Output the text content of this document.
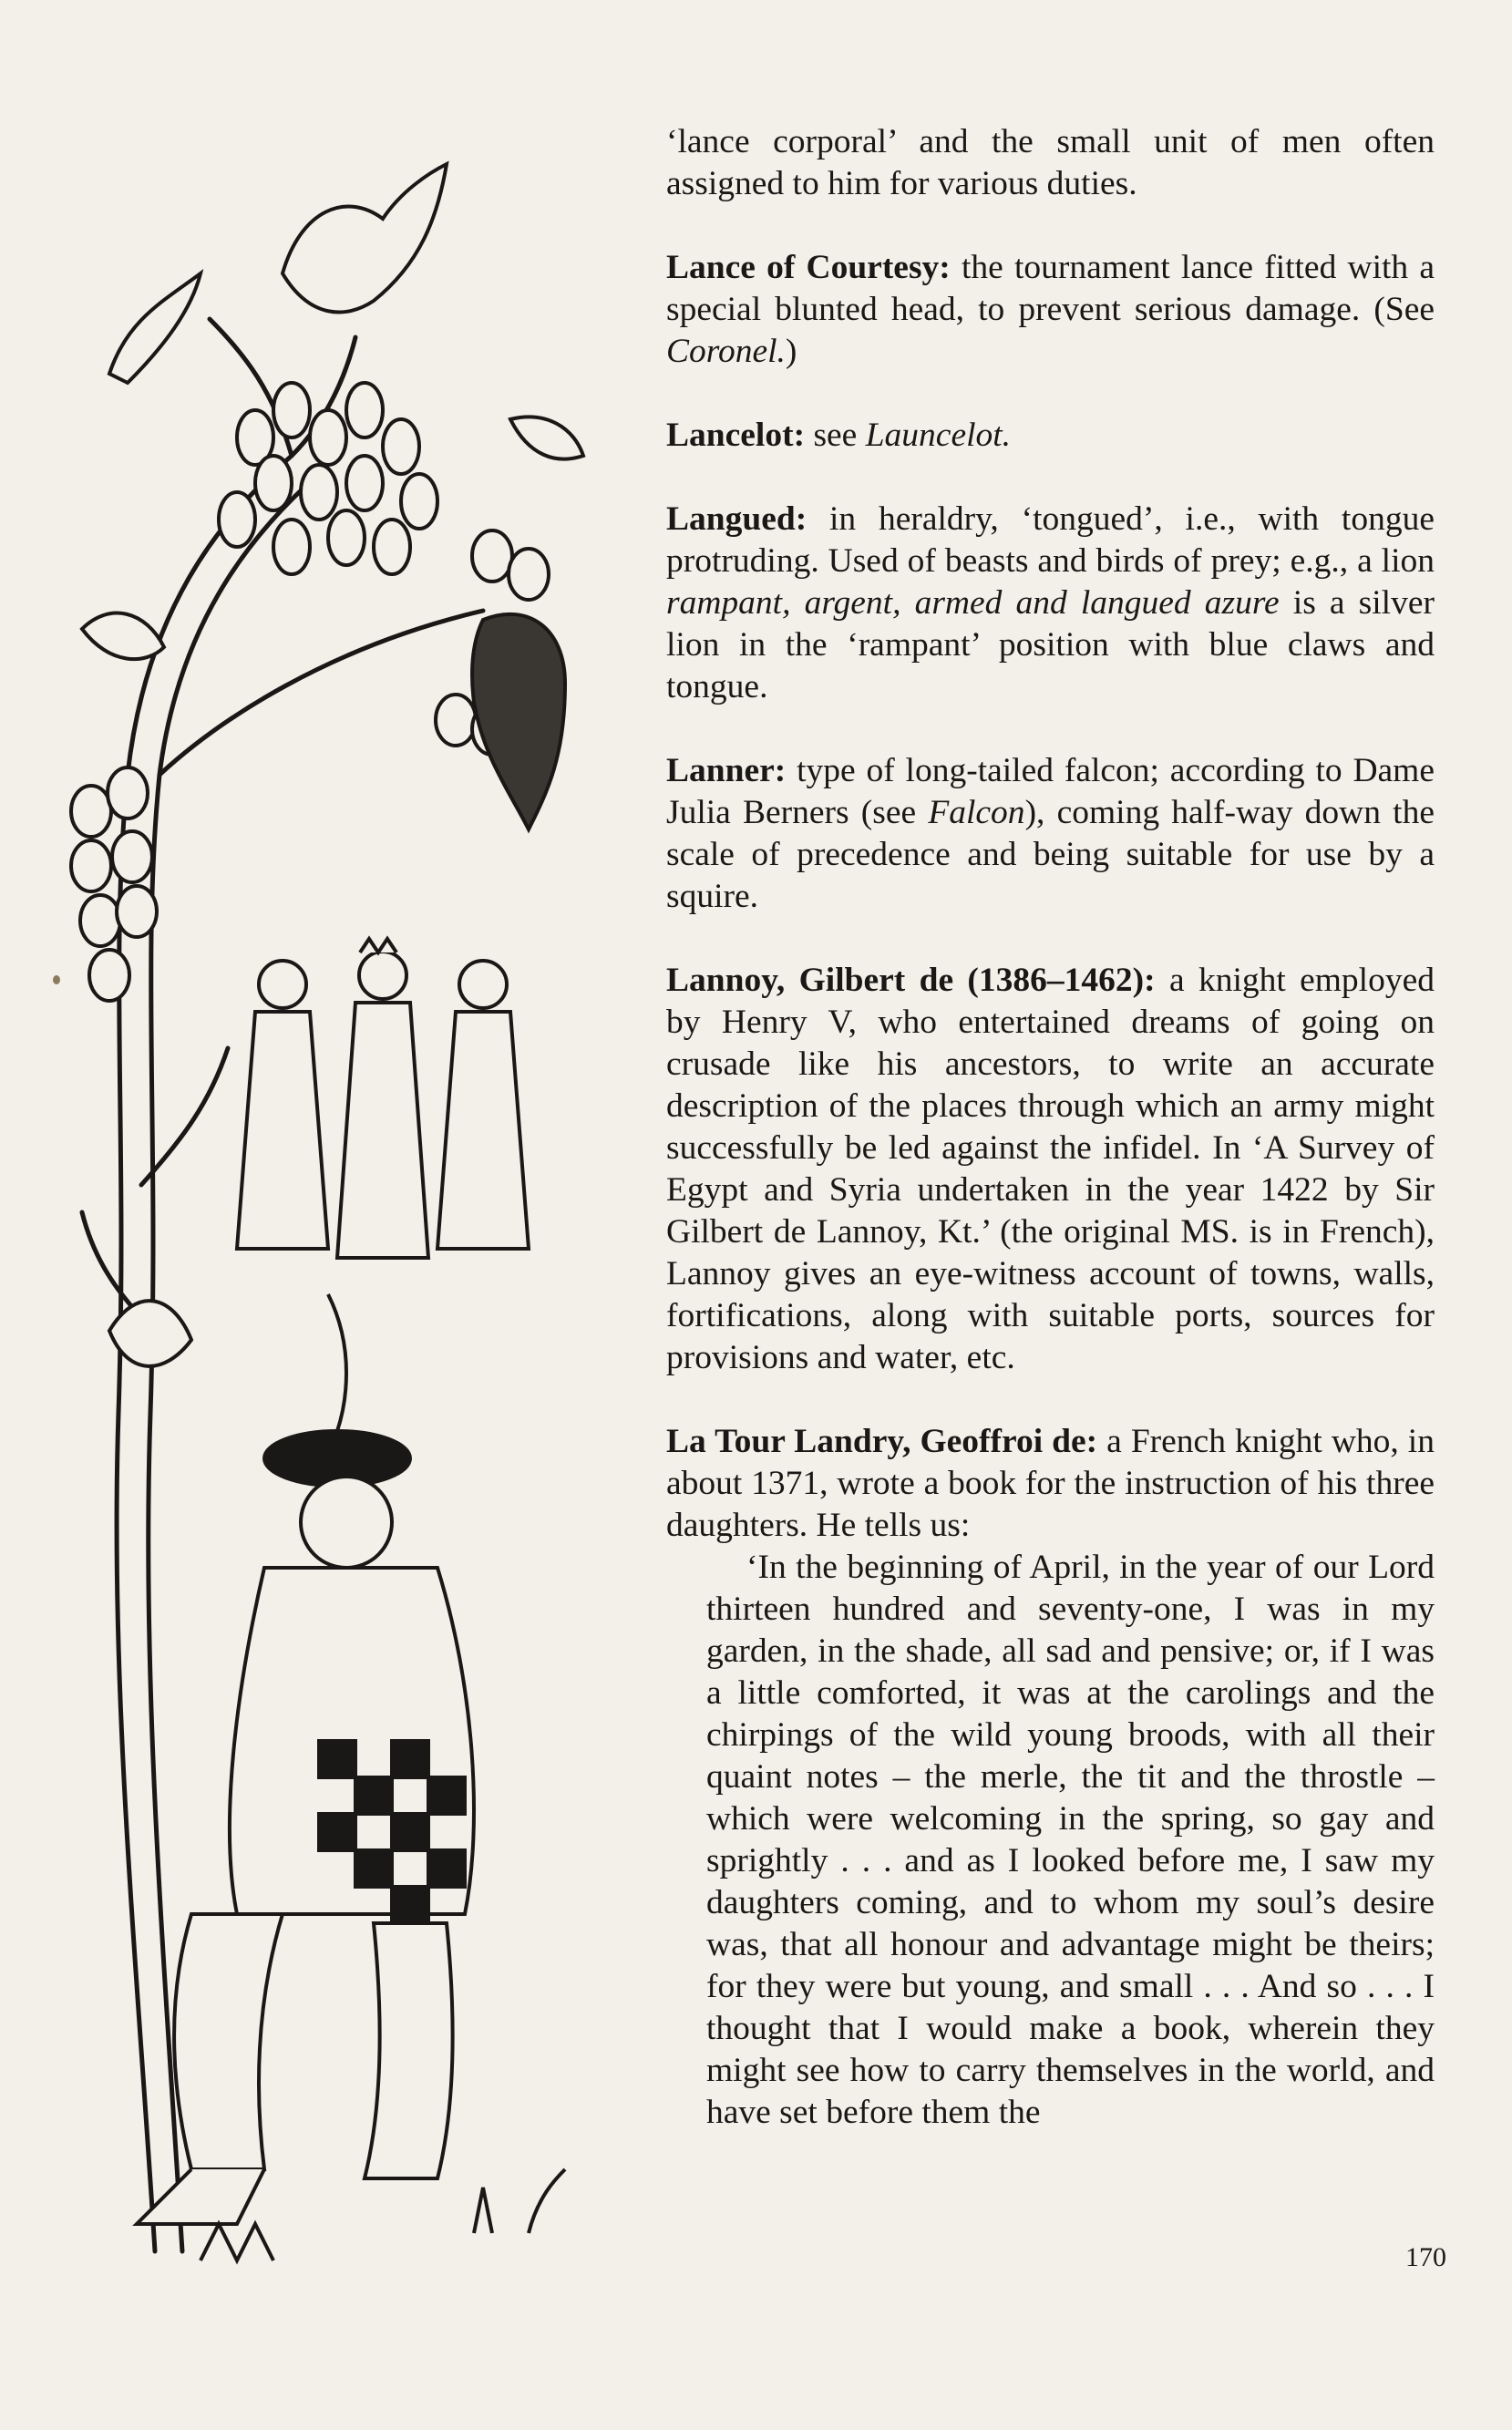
‘lance corporal’ and the small unit of men often assigned to him for various duties.

Lance of Courtesy: the tournament lance fitted with a special blunted head, to prevent serious damage. (See Coronel.)

Lancelot: see Launcelot.

Langued: in heraldry, ‘tongued’, i.e., with tongue protruding. Used of beasts and birds of prey; e.g., a lion rampant, argent, armed and langued azure is a silver lion in the ‘rampant’ position with blue claws and tongue.

Lanner: type of long-tailed falcon; according to Dame Julia Berners (see Falcon), coming half-way down the scale of precedence and being suitable for use by a squire.

Lannoy, Gilbert de (1386–1462): a knight employed by Henry V, who entertained dreams of going on crusade like his ancestors, to write an accurate description of the places through which an army might successfully be led against the infidel. In ‘A Survey of Egypt and Syria undertaken in the year 1422 by Sir Gilbert de Lannoy, Kt.’ (the original MS. is in French), Lannoy gives an eye-witness account of towns, walls, fortifications, along with suitable ports, sources for provisions and water, etc.

La Tour Landry, Geoffroi de: a French knight who, in about 1371, wrote a book for the instruction of his three daughters. He tells us:

‘In the beginning of April, in the year of our Lord thirteen hundred and seventy-one, I was in my garden, in the shade, all sad and pensive; or, if I was a little comforted, it was at the carolings and the chirpings of the wild young broods, with all their quaint notes – the merle, the tit and the throstle – which were welcoming in the spring, so gay and sprightly . . . and as I looked before me, I saw my daughters coming, and to whom my soul’s desire was, that all honour and advantage might be theirs; for they were but young, and small . . . And so . . . I thought that I would make a book, wherein they might see how to carry themselves in the world, and have set before them the

170
